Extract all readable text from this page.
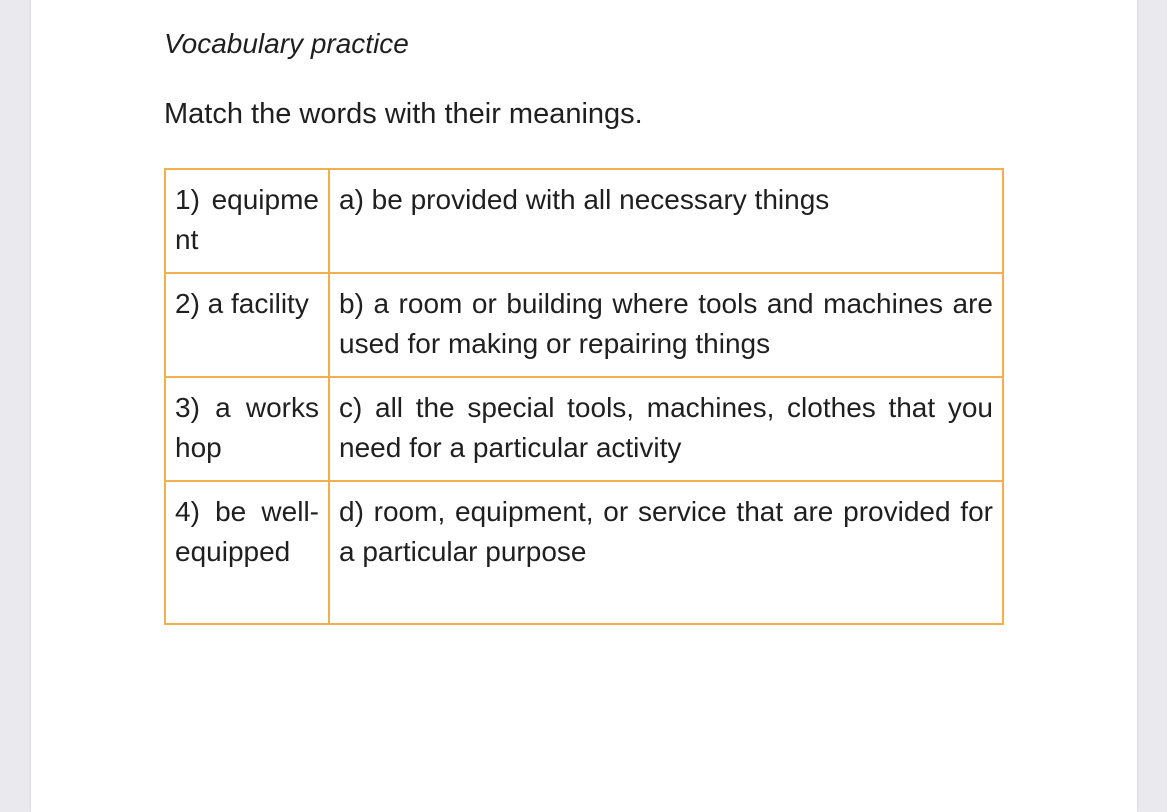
Vocabulary practice

Match the words with their meanings.

1) equipment	a) be provided with all necessary things
2) a facility	b) a room or building where tools and machines are used for making or repairing things
3) a workshop	c) all the special tools, machines, clothes that you need for a particular activity
4) be well-equipped	d) room, equipment, or service that are provided for a particular purpose
